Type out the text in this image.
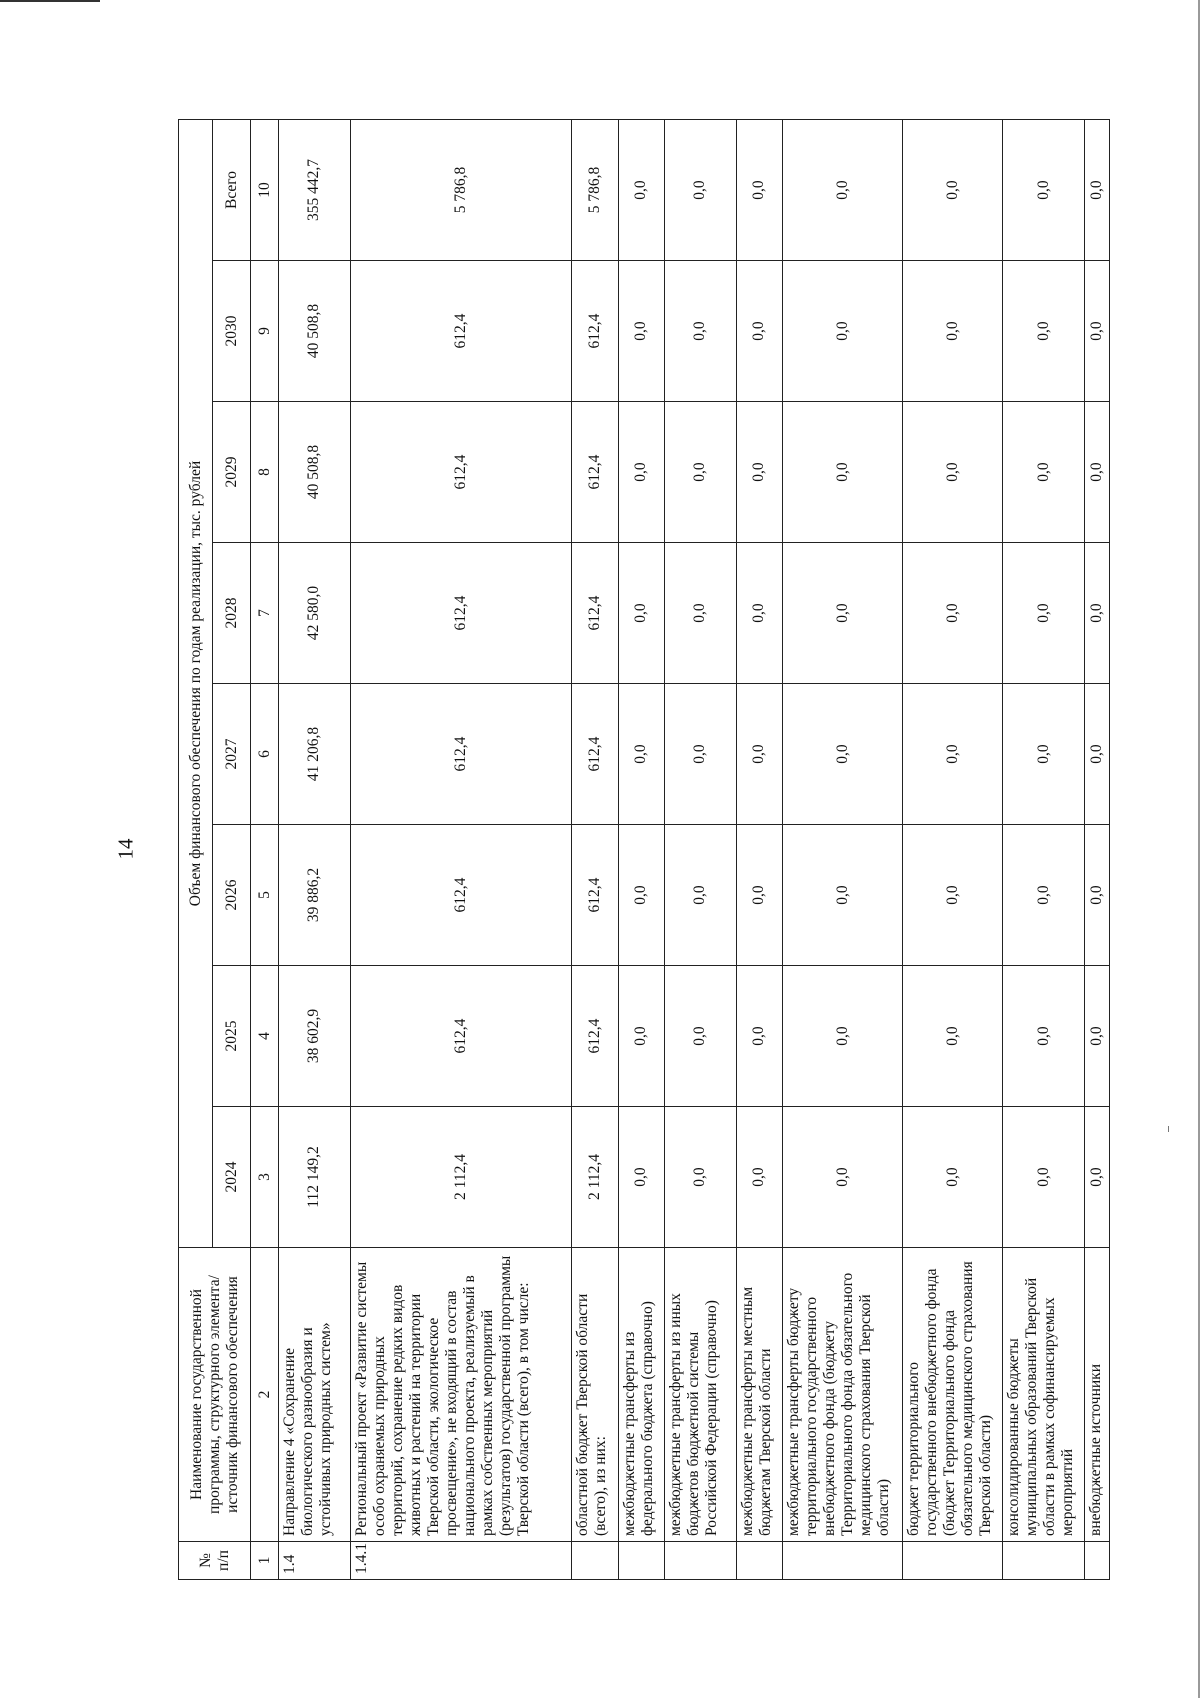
14
№ п/п	Наименование государственной программы, структурного элемента/источник финансового обеспечения	Объем финансового обеспечения по годам реализации, тыс. рублей							
		2024	2025	2026	2027	2028	2029	2030	Всего
1	2	3	4	5	6	7	8	9	10
1.4	Направление 4 «Сохранение биологического разнообразия и устойчивых природных систем»	112 149,2	38 602,9	39 886,2	41 206,8	42 580,0	40 508,8	40 508,8	355 442,7
1.4.1	Региональный проект «Развитие системы особо охраняемых природных территорий, сохранение редких видов животных и растений на территории Тверской области, экологическое просвещение», не входящий в состав национального проекта, реализуемый в рамках собственных мероприятий (результатов) государственной программы Тверской области (всего), в том числе:	2 112,4	612,4	612,4	612,4	612,4	612,4	612,4	5 786,8
	областной бюджет Тверской области (всего), из них:	2 112,4	612,4	612,4	612,4	612,4	612,4	612,4	5 786,8
	межбюджетные трансферты из федерального бюджета (справочно)	0,0	0,0	0,0	0,0	0,0	0,0	0,0	0,0
	межбюджетные трансферты из иных бюджетов бюджетной системы Российской Федерации (справочно)	0,0	0,0	0,0	0,0	0,0	0,0	0,0	0,0
	межбюджетные трансферты местным бюджетам Тверской области	0,0	0,0	0,0	0,0	0,0	0,0	0,0	0,0
	межбюджетные трансферты бюджету территориального государственного внебюджетного фонда (бюджету Территориального фонда обязательного медицинского страхования Тверской области)	0,0	0,0	0,0	0,0	0,0	0,0	0,0	0,0
	бюджет территориального государственного внебюджетного фонда (бюджет Территориального фонда обязательного медицинского страхования Тверской области)	0,0	0,0	0,0	0,0	0,0	0,0	0,0	0,0
	консолидированные бюджеты муниципальных образований Тверской области в рамках софинансируемых мероприятий	0,0	0,0	0,0	0,0	0,0	0,0	0,0	0,0
	внебюджетные источники	0,0	0,0	0,0	0,0	0,0	0,0	0,0	0,0
